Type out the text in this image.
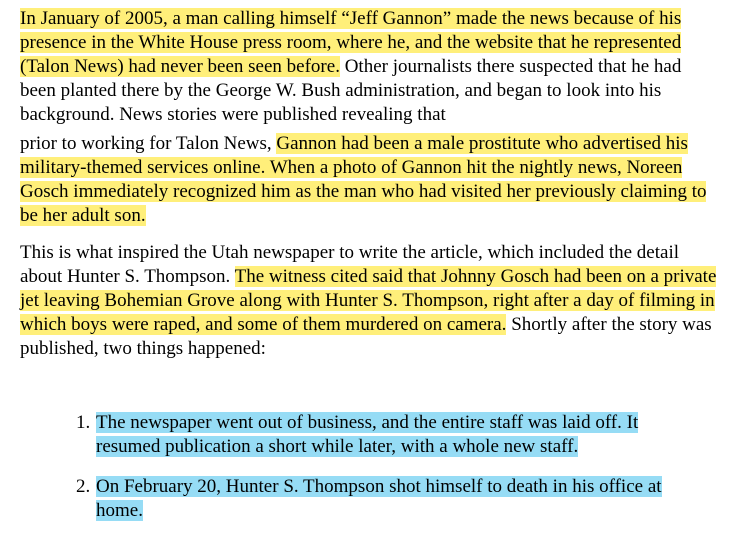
In January of 2005, a man calling himself “Jeff Gannon” made the news because of his presence in the White House press room, where he, and the website that he represented (Talon News) had never been seen before. Other journalists there suspected that he had been planted there by the George W. Bush administration, and began to look into his background. News stories were published revealing that

prior to working for Talon News, Gannon had been a male prostitute who advertised his military-themed services online. When a photo of Gannon hit the nightly news, Noreen Gosch immediately recognized him as the man who had visited her previously claiming to be her adult son.

This is what inspired the Utah newspaper to write the article, which included the detail about Hunter S. Thompson. The witness cited said that Johnny Gosch had been on a private jet leaving Bohemian Grove along with Hunter S. Thompson, right after a day of filming in which boys were raped, and some of them murdered on camera. Shortly after the story was published, two things happened:

1. The newspaper went out of business, and the entire staff was laid off. It resumed publication a short while later, with a whole new staff.
2. On February 20, Hunter S. Thompson shot himself to death in his office at home.
